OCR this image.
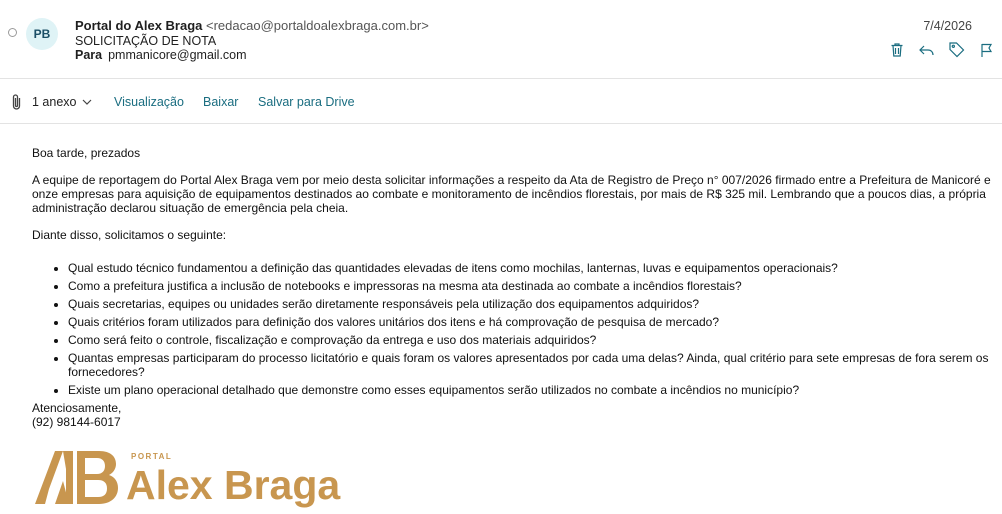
PB
Portal do Alex Braga <redacao@portaldoalexbraga.com.br>
SOLICITAÇÃO DE NOTA
Para pmmanicore@gmail.com
7/4/2026
1 anexo	Visualização Baixar Salvar para Drive

Boa tarde, prezados

A equipe de reportagem do Portal Alex Braga vem por meio desta solicitar informações a respeito da Ata de Registro de Preço n° 007/2026 firmado entre a Prefeitura de Manicoré e onze empresas para aquisição de equipamentos destinados ao combate e monitoramento de incêndios florestais, por mais de R$ 325 mil. Lembrando que a poucos dias, a própria administração declarou situação de emergência pela cheia.

Diante disso, solicitamos o seguinte:

• Qual estudo técnico fundamentou a definição das quantidades elevadas de itens como mochilas, lanternas, luvas e equipamentos operacionais?
• Como a prefeitura justifica a inclusão de notebooks e impressoras na mesma ata destinada ao combate a incêndios florestais?
• Quais secretarias, equipes ou unidades serão diretamente responsáveis pela utilização dos equipamentos adquiridos?
• Quais critérios foram utilizados para definição dos valores unitários dos itens e há comprovação de pesquisa de mercado?
• Como será feito o controle, fiscalização e comprovação da entrega e uso dos materiais adquiridos?
• Quantas empresas participaram do processo licitatório e quais foram os valores apresentados por cada uma delas? Ainda, qual critério para sete empresas de fora serem os fornecedores?
• Existe um plano operacional detalhado que demonstre como esses equipamentos serão utilizados no combate a incêndios no município?

Atenciosamente,

(92) 98144-6017

PORTAL
Alex Braga
